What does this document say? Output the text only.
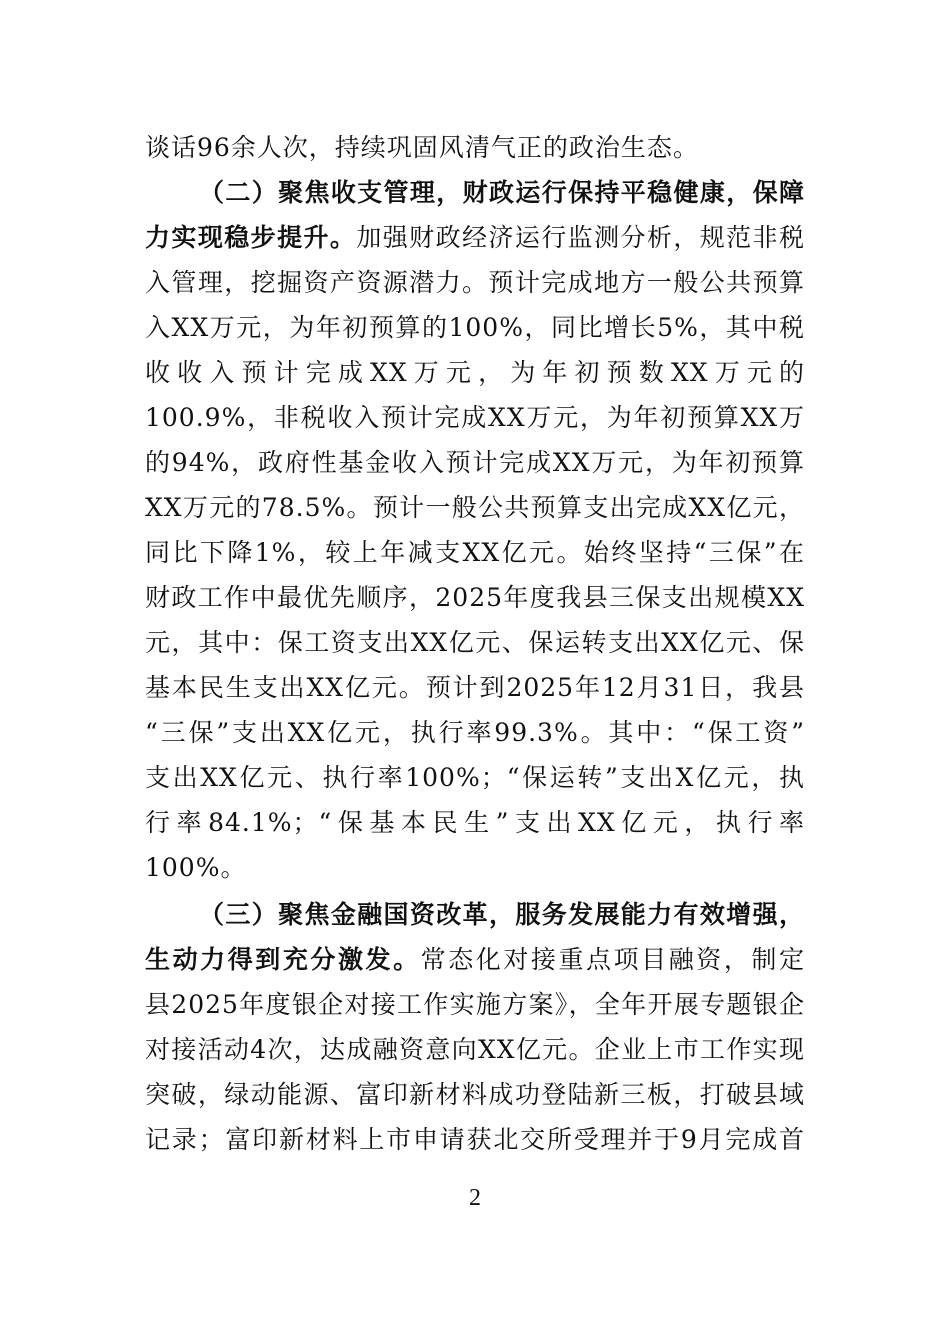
谈话96余人次，持续巩固风清气正的政治生态。
（二）聚焦收支管理，财政运行保持平稳健康，保障
力实现稳步提升。加强财政经济运行监测分析，规范非税
入管理，挖掘资产资源潜力。预计完成地方一般公共预算
入XX万元，为年初预算的100%，同比增长5%，其中税
收收入预计完成XX万元，为年初预数XX万元的
100.9%，非税收入预计完成XX万元，为年初预算XX万
的94%，政府性基金收入预计完成XX万元，为年初预算
XX万元的78.5%。预计一般公共预算支出完成XX亿元，
同比下降1%，较上年减支XX亿元。始终坚持“三保”在
财政工作中最优先顺序，2025年度我县三保支出规模XX
元，其中：保工资支出XX亿元、保运转支出XX亿元、保
基本民生支出XX亿元。预计到2025年12月31日，我县
“三保”支出XX亿元，执行率99.3%。其中：“保工资”
支出XX亿元、执行率100%；“保运转”支出X亿元，执
行率84.1%；“保基本民生”支出XX亿元，执行率
100%。
（三）聚焦金融国资改革，服务发展能力有效增强，
生动力得到充分激发。常态化对接重点项目融资，制定
县2025年度银企对接工作实施方案》，全年开展专题银企
对接活动4次，达成融资意向XX亿元。企业上市工作实现
突破，绿动能源、富印新材料成功登陆新三板，打破县域
记录；富印新材料上市申请获北交所受理并于9月完成首
2
